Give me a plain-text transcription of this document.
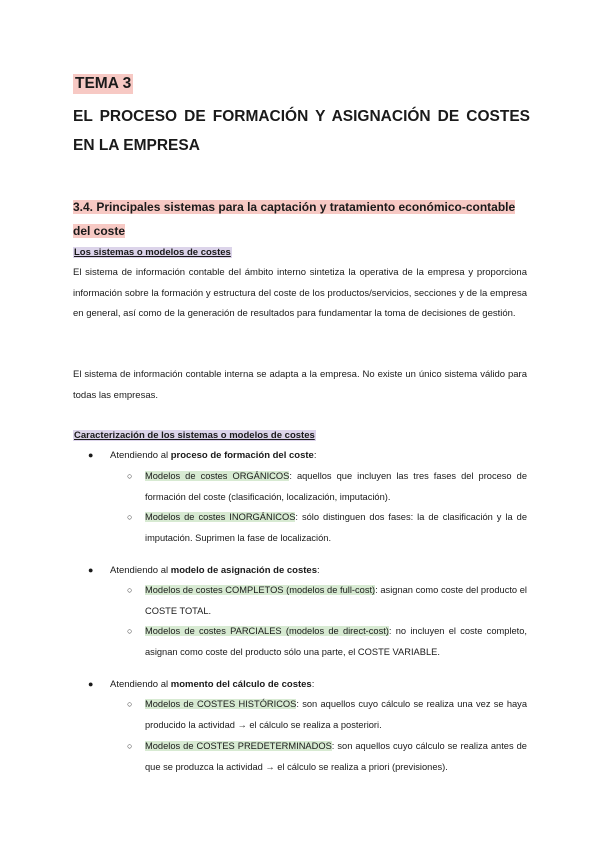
TEMA 3
EL PROCESO DE FORMACIÓN Y ASIGNACIÓN DE COSTES EN LA EMPRESA
3.4. Principales sistemas para la captación y tratamiento económico-contable del coste
Los sistemas o modelos de costes
El sistema de información contable del ámbito interno sintetiza la operativa de la empresa y proporciona información sobre la formación y estructura del coste de los productos/servicios, secciones y de la empresa en general, así como de la generación de resultados para fundamentar la toma de decisiones de gestión.
El sistema de información contable interna se adapta a la empresa. No existe un único sistema válido para todas las empresas.
Caracterización de los sistemas o modelos de costes
● Atendiendo al proceso de formación del coste:
○ Modelos de costes ORGÁNICOS: aquellos que incluyen las tres fases del proceso de formación del coste (clasificación, localización, imputación).
○ Modelos de costes INORGÁNICOS: sólo distinguen dos fases: la de clasificación y la de imputación. Suprimen la fase de localización.
● Atendiendo al modelo de asignación de costes:
○ Modelos de costes COMPLETOS (modelos de full-cost): asignan como coste del producto el COSTE TOTAL.
○ Modelos de costes PARCIALES (modelos de direct-cost): no incluyen el coste completo, asignan como coste del producto sólo una parte, el COSTE VARIABLE.
● Atendiendo al momento del cálculo de costes:
○ Modelos de COSTES HISTÓRICOS: son aquellos cuyo cálculo se realiza una vez se haya producido la actividad → el cálculo se realiza a posteriori.
○ Modelos de COSTES PREDETERMINADOS: son aquellos cuyo cálculo se realiza antes de que se produzca la actividad → el cálculo se realiza a priori (previsiones).
